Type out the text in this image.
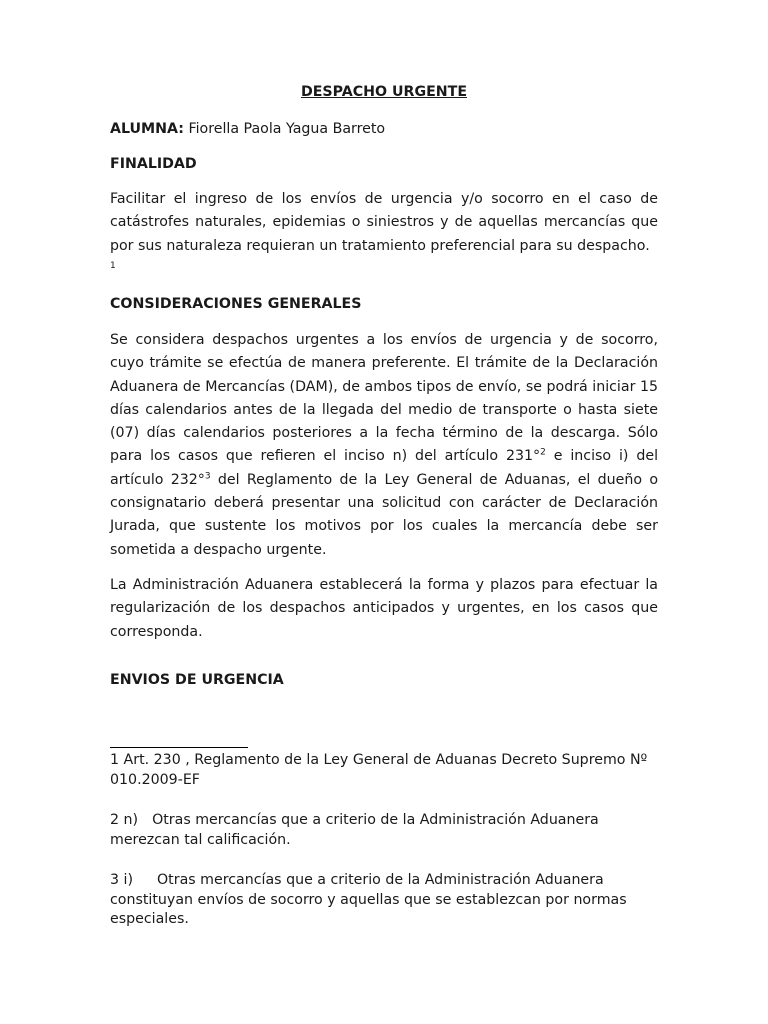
DESPACHO URGENTE

ALUMNA: Fiorella Paola Yagua Barreto

FINALIDAD

Facilitar el ingreso de los envíos de urgencia y/o socorro en el caso de catástrofes naturales, epidemias o siniestros y de aquellas mercancías que por sus naturaleza requieran un tratamiento preferencial para su despacho.

1

CONSIDERACIONES GENERALES

Se considera despachos urgentes a los envíos de urgencia y de socorro, cuyo trámite se efectúa de manera preferente. El trámite de la Declaración Aduanera de Mercancías (DAM), de ambos tipos de envío, se podrá iniciar 15 días calendarios antes de la llegada del medio de transporte o hasta siete (07) días calendarios posteriores a la fecha término de la descarga. Sólo para los casos que refieren el inciso n) del artículo 231°$^2$ e inciso i) del artículo 232°$^3$ del Reglamento de la Ley General de Aduanas, el dueño o consignatario deberá presentar una solicitud con carácter de Declaración Jurada, que sustente los motivos por los cuales la mercancía debe ser sometida a despacho urgente.

La Administración Aduanera establecerá la forma y plazos para efectuar la regularización de los despachos anticipados y urgentes, en los casos que corresponda.

ENVIOS DE URGENCIA

1 Art. 230 , Reglamento de la Ley General de Aduanas Decreto Supremo Nº 010.2009-EF

2 n) Otras mercancías que a criterio de la Administración Aduanera merezcan tal calificación.

3 i) Otras mercancías que a criterio de la Administración Aduanera constituyan envíos de socorro y aquellas que se establezcan por normas especiales.
